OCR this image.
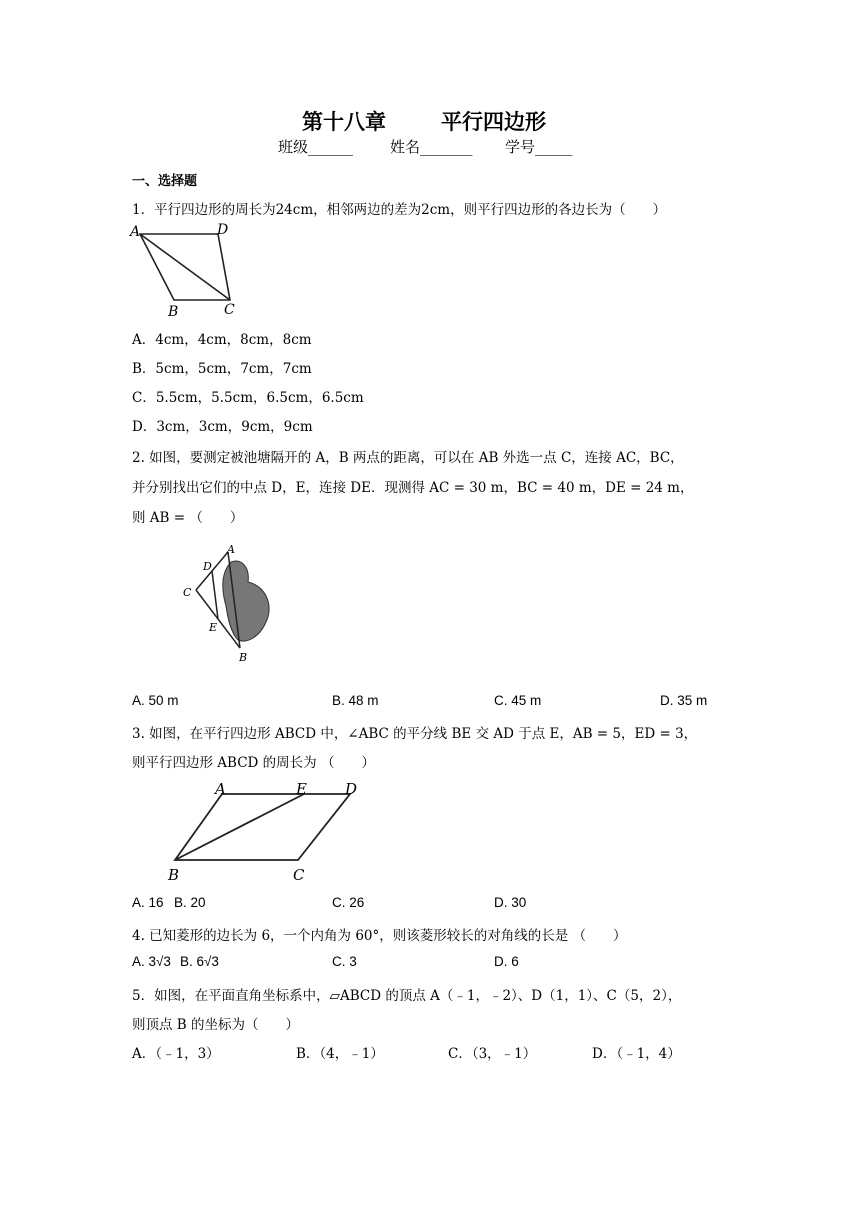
第十八章	平行四边形
班级______ 姓名_______ 学号_____
一、选择题
1．平行四边形的周长为24cm，相邻两边的差为2cm，则平行四边形的各边长为（　　）
A	D
B	C
A．4cm，4cm，8cm，8cm
B．5cm，5cm，7cm，7cm
C．5.5cm，5.5cm，6.5cm，6.5cm
D．3cm，3cm，9cm，9cm
2. 如图，要测定被池塘隔开的 A，B 两点的距离，可以在 AB 外选一点 C，连接 AC，BC，
并分别找出它们的中点 D，E，连接 DE．现测得 AC = 30 m，BC = 40 m，DE = 24 m，
则 AB = （　　）
A
D
C
E
B
A. 50 m	B. 48 m	C. 45 m	D. 35 m
3. 如图，在平行四边形 ABCD 中，∠ABC 的平分线 BE 交 AD 于点 E，AB = 5，ED = 3，
则平行四边形 ABCD 的周长为 （　　）
A	E	D
B	C
A. 16 B. 20	C. 26	D. 30
4. 已知菱形的边长为 6，一个内角为 60°，则该菱形较长的对角线的长是 （　　）
A. 3√3 B. 6√3	C. 3	D. 6
5．如图，在平面直角坐标系中，▱ABCD 的顶点 A（﹣1，﹣2）、D（1，1）、C（5，2），
则顶点 B 的坐标为（　　）
A．（﹣1，3）	B．（4，﹣1）	C．（3，﹣1）	D．（﹣1，4）
